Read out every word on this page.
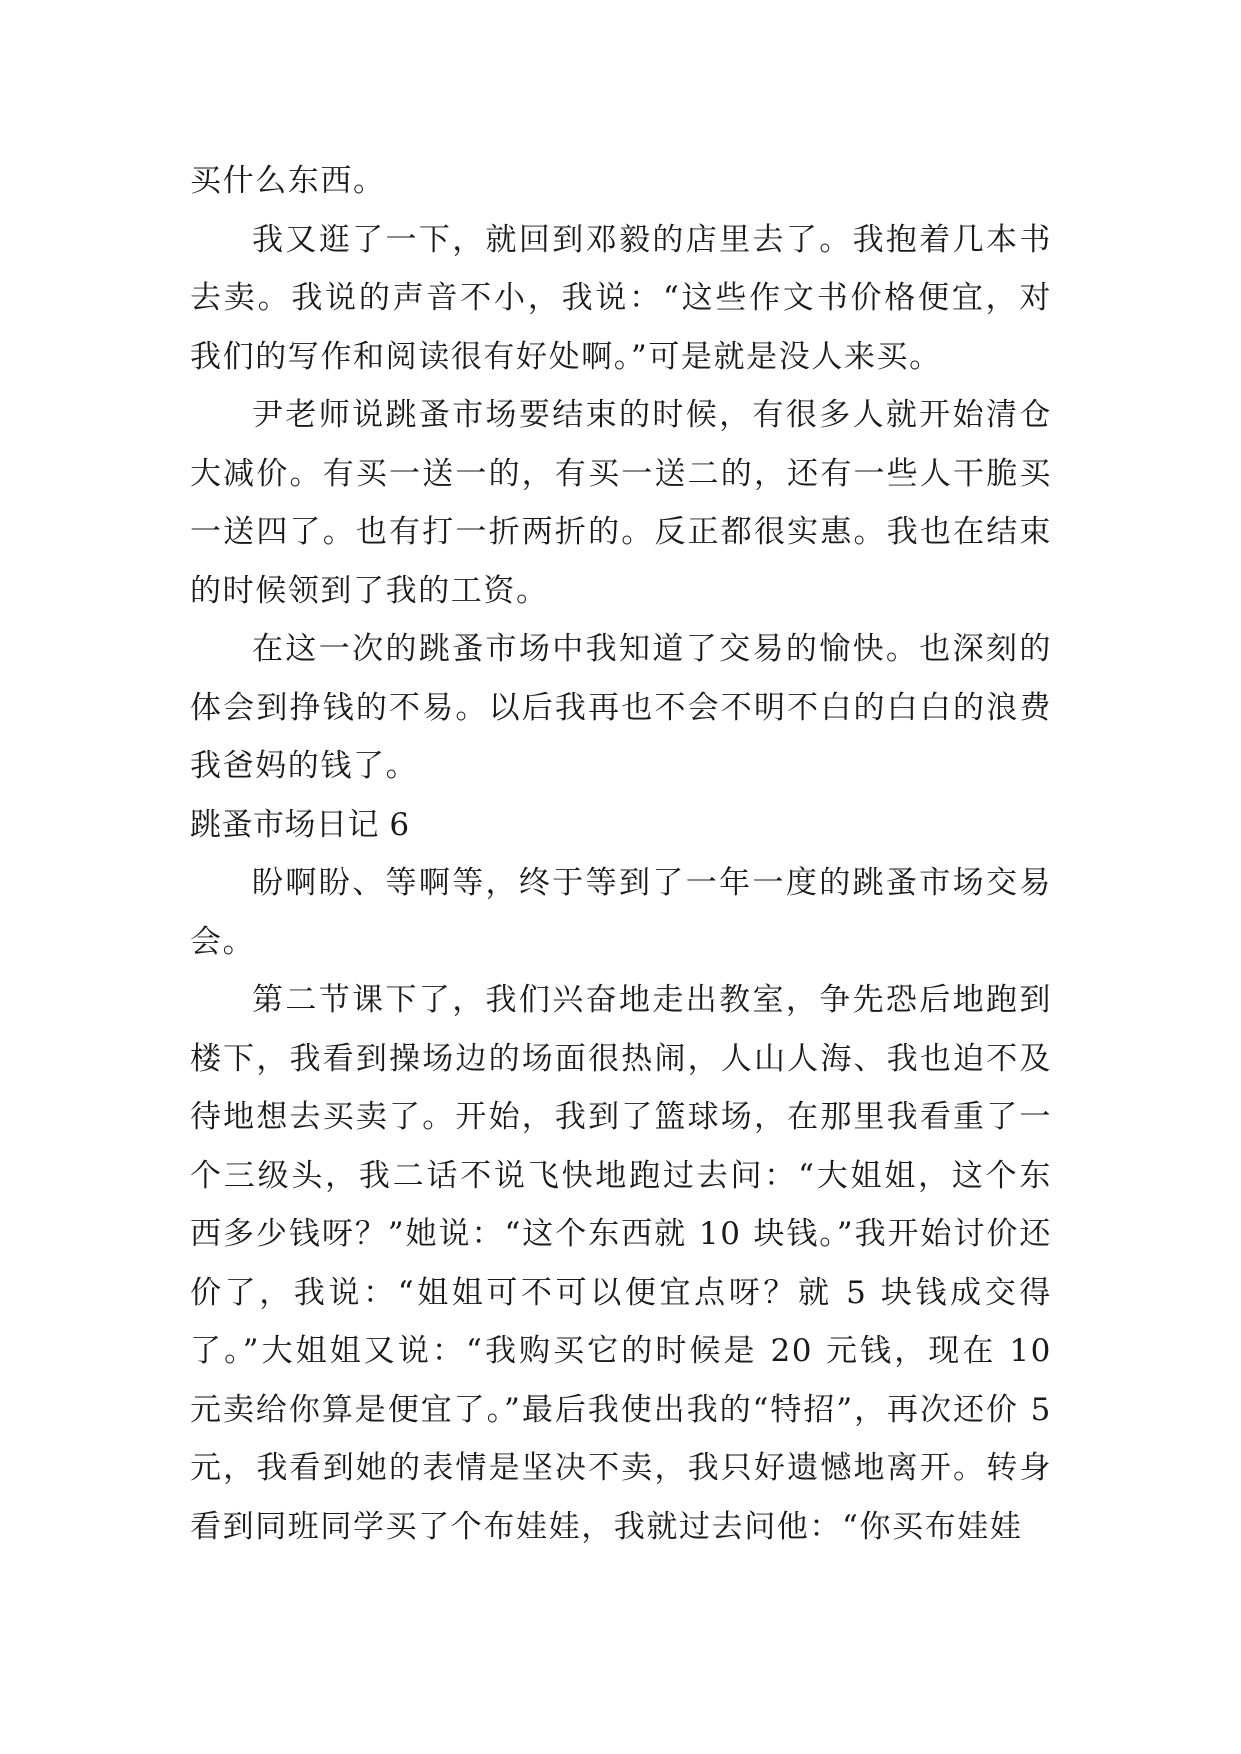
买什么东西。

我又逛了一下，就回到邓毅的店里去了。我抱着几本书去卖。我说的声音不小，我说：“这些作文书价格便宜，对我们的写作和阅读很有好处啊。”可是就是没人来买。

尹老师说跳蚤市场要结束的时候，有很多人就开始清仓大减价。有买一送一的，有买一送二的，还有一些人干脆买一送四了。也有打一折两折的。反正都很实惠。我也在结束的时候领到了我的工资。

在这一次的跳蚤市场中我知道了交易的愉快。也深刻的体会到挣钱的不易。以后我再也不会不明不白的白白的浪费我爸妈的钱了。

跳蚤市场日记 6

盼啊盼、等啊等，终于等到了一年一度的跳蚤市场交易会。

第二节课下了，我们兴奋地走出教室，争先恐后地跑到楼下，我看到操场边的场面很热闹，人山人海、我也迫不及待地想去买卖了。开始，我到了篮球场，在那里我看重了一个三级头，我二话不说飞快地跑过去问：“大姐姐，这个东西多少钱呀？”她说：“这个东西就 10 块钱。”我开始讨价还价了，我说：“姐姐可不可以便宜点呀？就 5 块钱成交得了。”大姐姐又说：“我购买它的时候是 20 元钱，现在 10 元卖给你算是便宜了。”最后我使出我的“特招”，再次还价 5 元，我看到她的表情是坚决不卖，我只好遗憾地离开。转身看到同班同学买了个布娃娃，我就过去问他：“你买布娃娃
